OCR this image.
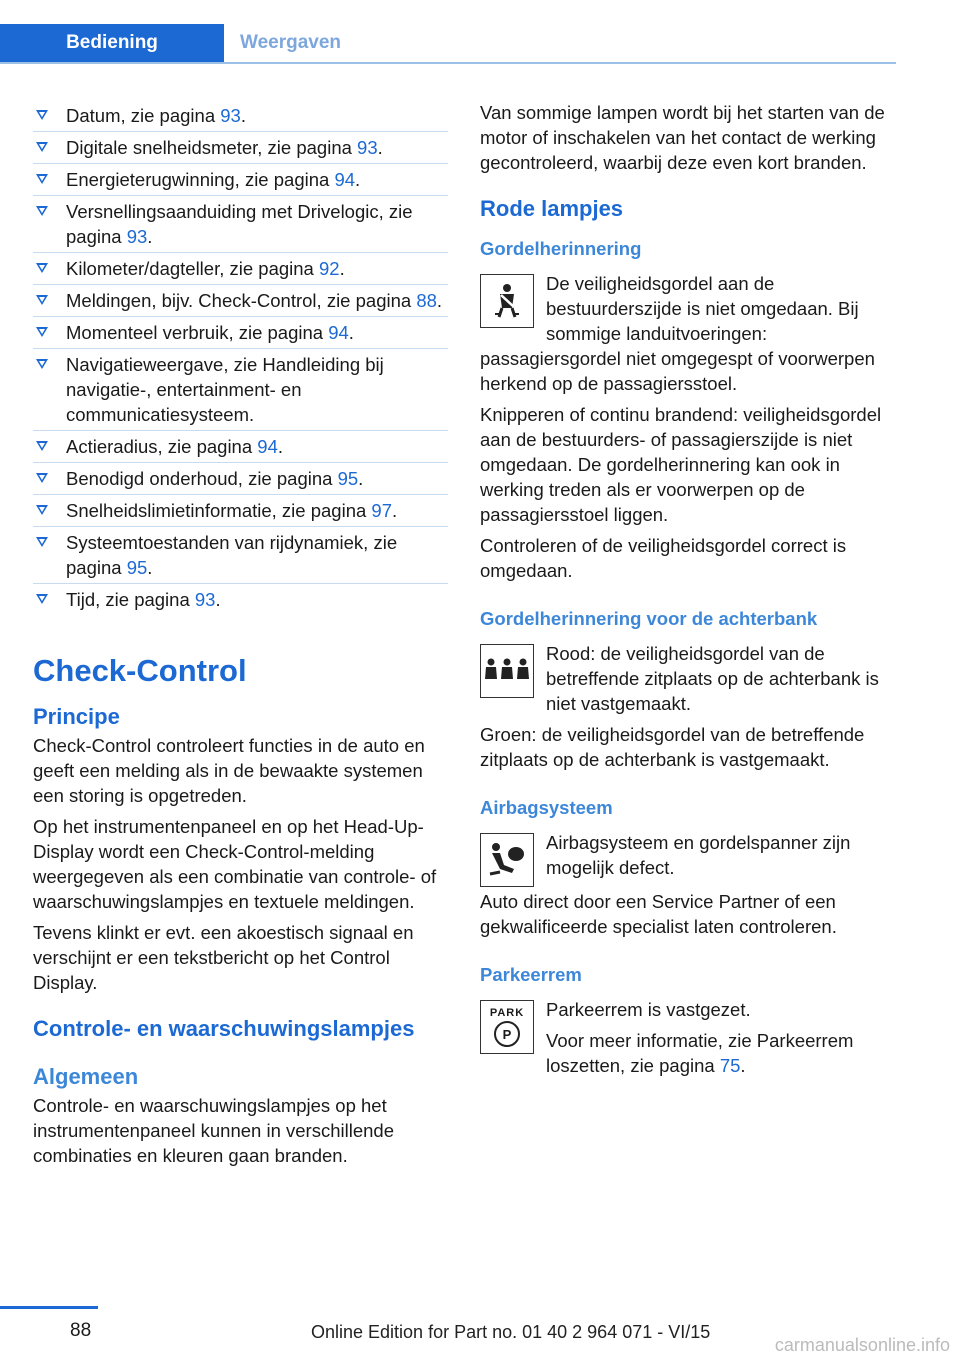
Bediening	Weergaven
Datum, zie pagina 93.
Digitale snelheidsmeter, zie pagina 93.
Energieterugwinning, zie pagina 94.
Versnellingsaanduiding met Drivelogic, zie pagina 93.
Kilometer/dagteller, zie pagina 92.
Meldingen, bijv. Check-Control, zie pagina 88.
Momenteel verbruik, zie pagina 94.
Navigatieweergave, zie Handleiding bij navigatie-, entertainment- en communicatiesysteem.
Actieradius, zie pagina 94.
Benodigd onderhoud, zie pagina 95.
Snelheidslimietinformatie, zie pagina 97.
Systeemtoestanden van rijdynamiek, zie pagina 95.
Tijd, zie pagina 93.
Check-Control
Principe

Check-Control controleert functies in de auto en geeft een melding als in de bewaakte systemen een storing is opgetreden.

Op het instrumentenpaneel en op het Head-Up-Display wordt een Check-Control-melding weergegeven als een combinatie van controle- of waarschuwingslampjes en textuele meldingen.

Tevens klinkt er evt. een akoestisch signaal en verschijnt er een tekstbericht op het Control Display.

Controle- en waarschuwingslampjes
Algemeen

Controle- en waarschuwingslampjes op het instrumentenpaneel kunnen in verschillende combinaties en kleuren gaan branden.

Van sommige lampen wordt bij het starten van de motor of inschakelen van het contact de werking gecontroleerd, waarbij deze even kort branden.

Rode lampjes
Gordelherinnering

De veiligheidsgordel aan de bestuurderszijde is niet omgedaan. Bij sommige landuitvoeringen: passagiersgordel niet omgegespt of voorwerpen herkend op de passagiersstoel.

Knipperen of continu brandend: veiligheidsgordel aan de bestuurders- of passagierszijde is niet omgedaan. De gordelherinnering kan ook in werking treden als er voorwerpen op de passagiersstoel liggen.

Controleren of de veiligheidsgordel correct is omgedaan.

Gordelherinnering voor de achterbank

Rood: de veiligheidsgordel van de betreffende zitplaats op de achterbank is niet vastgemaakt.

Groen: de veiligheidsgordel van de betreffende zitplaats op de achterbank is vastgemaakt.

Airbagsysteem

Airbagsysteem en gordelspanner zijn mogelijk defect.

Auto direct door een Service Partner of een gekwalificeerde specialist laten controleren.

Parkeerrem
PARK
P

Parkeerrem is vastgezet.

Voor meer informatie, zie Parkeerrem loszetten, zie pagina 75.

88	Online Edition for Part no. 01 40 2 964 071 - VI/15
carmanualsonline.info
